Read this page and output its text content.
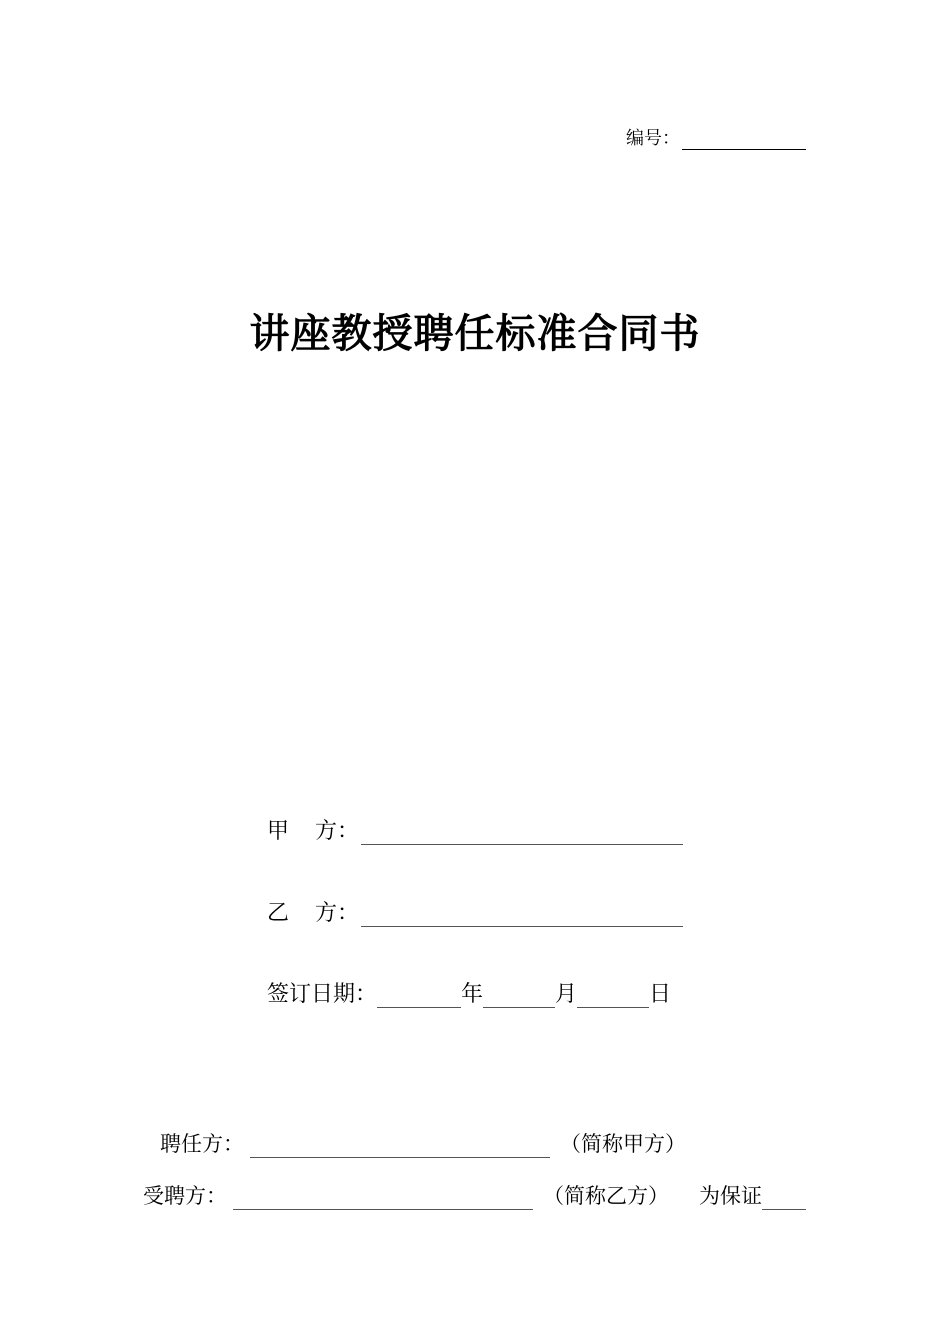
编号：
讲座教授聘任标准合同书
甲	方：
乙	方：
签订日期：	年	月	日
聘任方：	（简称甲方）
受聘方：	（简称乙方） 为保证
